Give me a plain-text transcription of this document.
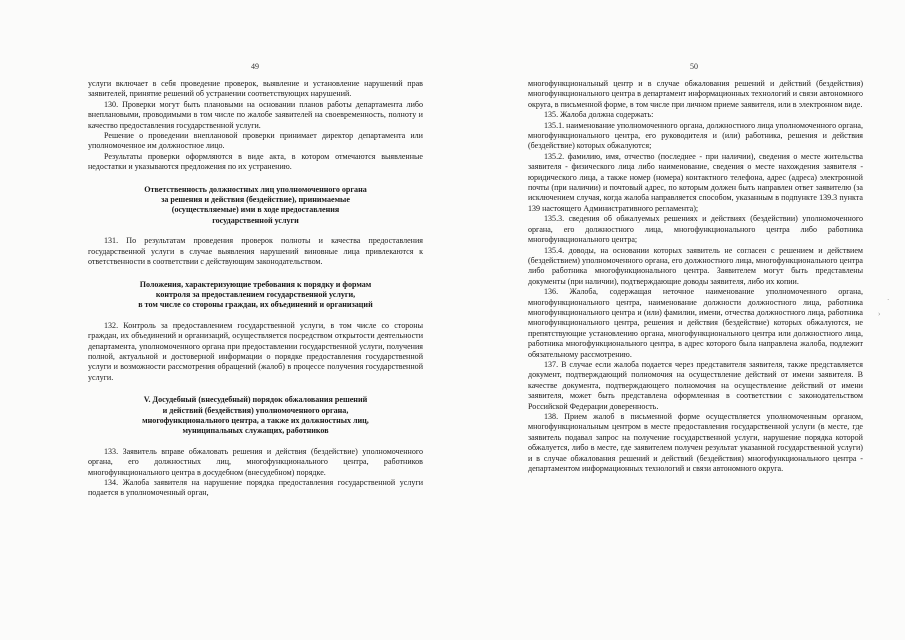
49	50

услуги включает в себя проведение проверок, выявление и установление нарушений прав заявителей, принятие решений об устранении соответствующих нарушений.

130. Проверки могут быть плановыми на основании планов работы департамента либо внеплановыми, проводимыми в том числе по жалобе заявителей на своевременность, полноту и качество предоставления государственной услуги.

Решение о проведении внеплановой проверки принимает директор департамента или уполномоченное им должностное лицо.

Результаты проверки оформляются в виде акта, в котором отмечаются выявленные недостатки и указываются предложения по их устранению.

Ответственность должностных лиц уполномоченного органа
за решения и действия (бездействие), принимаемые
(осуществляемые) ими в ходе предоставления
государственной услуги

131. По результатам проведения проверок полноты и качества предоставления государственной услуги в случае выявления нарушений виновные лица привлекаются к ответственности в соответствии с действующим законодательством.

Положения, характеризующие требования к порядку и формам
контроля за предоставлением государственной услуги,
в том числе со стороны граждан, их объединений и организаций

132. Контроль за предоставлением государственной услуги, в том числе со стороны граждан, их объединений и организаций, осуществляется посредством открытости деятельности департамента, уполномоченного органа при предоставлении государственной услуги, получения полной, актуальной и достоверной информации о порядке предоставления государственной услуги и возможности рассмотрения обращений (жалоб) в процессе получения государственной услуги.

V. Досудебный (внесудебный) порядок обжалования решений
и действий (бездействия) уполномоченного органа,
многофункционального центра, а также их должностных лиц,
муниципальных служащих, работников

133. Заявитель вправе обжаловать решения и действия (бездействие) уполномоченного органа, его должностных лиц, многофункционального центра, работников многофункционального центра в досудебном (внесудебном) порядке.

134. Жалоба заявителя на нарушение порядка предоставления государственной услуги подается в уполномоченный орган,

многофункциональный центр и в случае обжалования решений и действий (бездействия) многофункционального центра в департамент информационных технологий и связи автономного округа, в письменной форме, в том числе при личном приеме заявителя, или в электронном виде.

135. Жалоба должна содержать:

135.1. наименование уполномоченного органа, должностного лица уполномоченного органа, многофункционального центра, его руководителя и (или) работника, решения и действия (бездействие) которых обжалуются;

135.2. фамилию, имя, отчество (последнее - при наличии), сведения о месте жительства заявителя - физического лица либо наименование, сведения о месте нахождения заявителя - юридического лица, а также номер (номера) контактного телефона, адрес (адреса) электронной почты (при наличии) и почтовый адрес, по которым должен быть направлен ответ заявителю (за исключением случая, когда жалоба направляется способом, указанным в подпункте 139.3 пункта 139 настоящего Административного регламента);

135.3. сведения об обжалуемых решениях и действиях (бездействии) уполномоченного органа, его должностного лица, многофункционального центра либо работника многофункционального центра;

135.4. доводы, на основании которых заявитель не согласен с решением и действием (бездействием) уполномоченного органа, его должностного лица, многофункционального центра либо работника многофункционального центра. Заявителем могут быть представлены документы (при наличии), подтверждающие доводы заявителя, либо их копии.

136. Жалоба, содержащая неточное наименование уполномоченного органа, многофункционального центра, наименование должности должностного лица, работника многофункционального центра и (или) фамилии, имени, отчества должностного лица, работника многофункционального центра, решения и действия (бездействие) которых обжалуются, не препятствующие установлению органа, многофункционального центра или должностного лица, работника многофункционального центра, в адрес которого была направлена жалоба, подлежит обязательному рассмотрению.

137. В случае если жалоба подается через представителя заявителя, также представляется документ, подтверждающий полномочия на осуществление действий от имени заявителя. В качестве документа, подтверждающего полномочия на осуществление действий от имени заявителя, может быть представлена оформленная в соответствии с законодательством Российской Федерации доверенность.

138. Прием жалоб в письменной форме осуществляется уполномоченным органом, многофункциональным центром в месте предоставления государственной услуги (в месте, где заявитель подавал запрос на получение государственной услуги, нарушение порядка которой обжалуется, либо в месте, где заявителем получен результат указанной государственной услуги) и в случае обжалования решений и действий (бездействия) многофункционального центра - департаментом информационных технологий и связи автономного округа.

·
›
